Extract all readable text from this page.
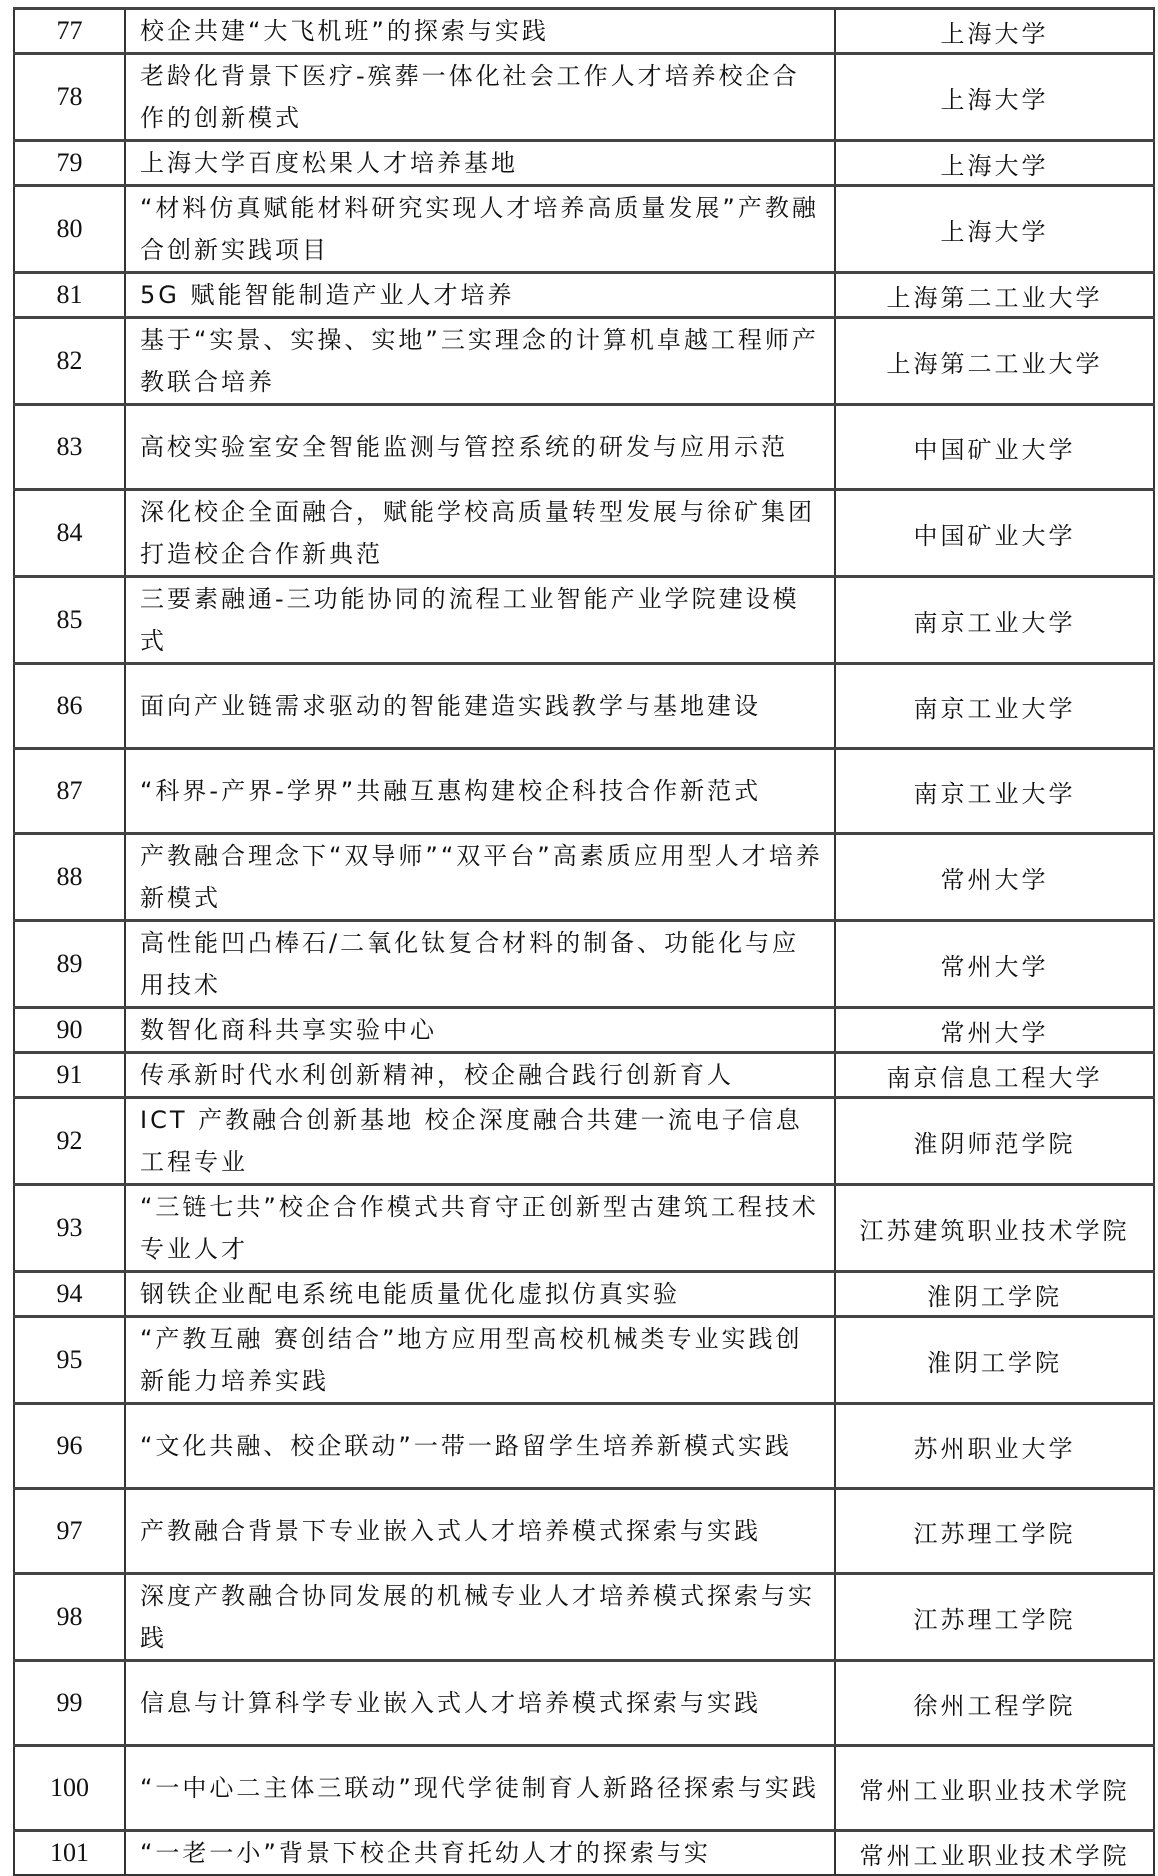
77	校企共建“大飞机班”的探索与实践	上海大学
78	老龄化背景下医疗-殡葬一体化社会工作人才培养校企合作的创新模式	上海大学
79	上海大学百度松果人才培养基地	上海大学
80	“材料仿真赋能材料研究实现人才培养高质量发展”产教融合创新实践项目	上海大学
81	5G 赋能智能制造产业人才培养	上海第二工业大学
82	基于“实景、实操、实地”三实理念的计算机卓越工程师产教联合培养	上海第二工业大学
83	高校实验室安全智能监测与管控系统的研发与应用示范	中国矿业大学
84	深化校企全面融合，赋能学校高质量转型发展与徐矿集团打造校企合作新典范	中国矿业大学
85	三要素融通-三功能协同的流程工业智能产业学院建设模式	南京工业大学
86	面向产业链需求驱动的智能建造实践教学与基地建设	南京工业大学
87	“科界-产界-学界”共融互惠构建校企科技合作新范式	南京工业大学
88	产教融合理念下“双导师”“双平台”高素质应用型人才培养新模式	常州大学
89	高性能凹凸棒石/二氧化钛复合材料的制备、功能化与应用技术	常州大学
90	数智化商科共享实验中心	常州大学
91	传承新时代水利创新精神，校企融合践行创新育人	南京信息工程大学
92	ICT 产教融合创新基地 校企深度融合共建一流电子信息工程专业	淮阴师范学院
93	“三链七共”校企合作模式共育守正创新型古建筑工程技术专业人才	江苏建筑职业技术学院
94	钢铁企业配电系统电能质量优化虚拟仿真实验	淮阴工学院
95	“产教互融 赛创结合”地方应用型高校机械类专业实践创新能力培养实践	淮阴工学院
96	“文化共融、校企联动”一带一路留学生培养新模式实践	苏州职业大学
97	产教融合背景下专业嵌入式人才培养模式探索与实践	江苏理工学院
98	深度产教融合协同发展的机械专业人才培养模式探索与实践	江苏理工学院
99	信息与计算科学专业嵌入式人才培养模式探索与实践	徐州工程学院
100	“一中心二主体三联动”现代学徒制育人新路径探索与实践	常州工业职业技术学院
101	“一老一小”背景下校企共育托幼人才的探索与实	常州工业职业技术学院
